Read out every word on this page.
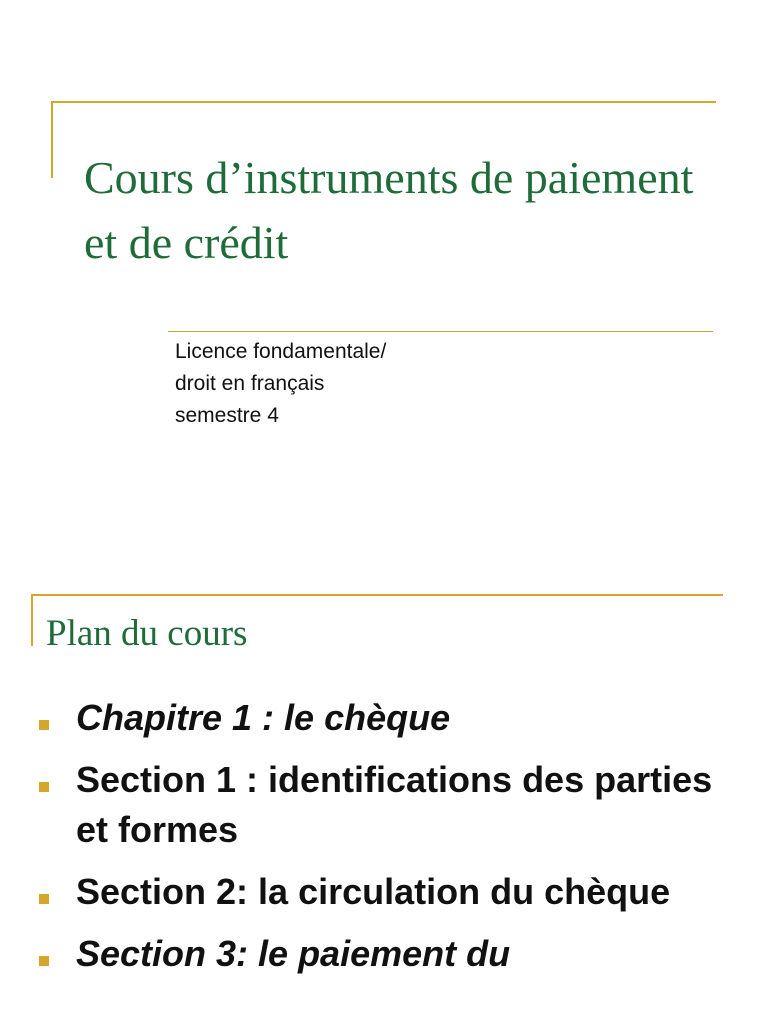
Cours d’instruments de paiement et de crédit
Licence fondamentale/
droit en français
semestre 4
Plan du cours
Chapitre 1 : le chèque
Section 1 : identifications des parties et formes
Section 2: la circulation du chèque
Section 3: le paiement du
